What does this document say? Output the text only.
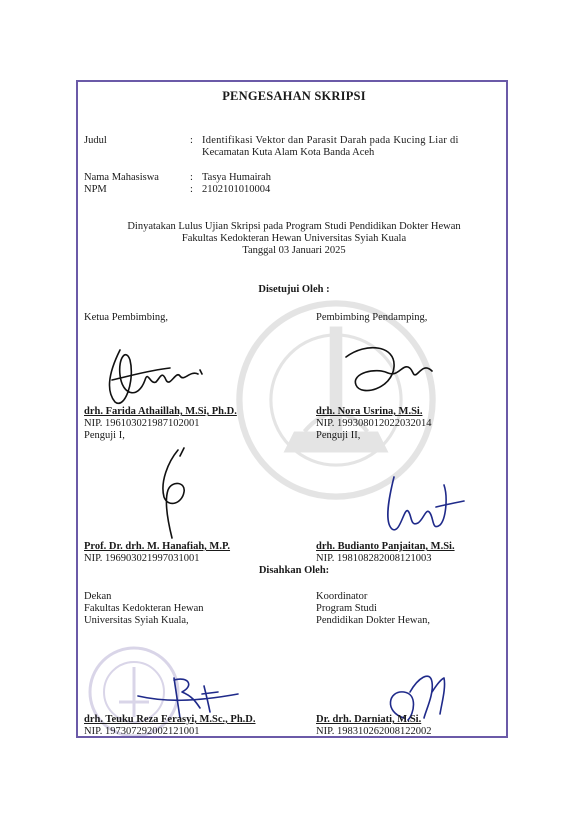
PENGESAHAN SKRIPSI
Judul	: Identifikasi Vektor dan Parasit Darah pada Kucing Liar di
Kecamatan Kuta Alam Kota Banda Aceh
Nama Mahasiswa	: Tasya Humairah
NPM	: 2102101010004
Dinyatakan Lulus Ujian Skripsi pada Program Studi Pendidikan Dokter Hewan
Fakultas Kedokteran Hewan Universitas Syiah Kuala
Tanggal 03 Januari 2025
Disetujui Oleh :
Ketua Pembimbing,	Pembimbing Pendamping,
drh. Farida Athaillah, M.Si, Ph.D.
NIP. 196103021987102001
drh. Nora Usrina, M.Si.
NIP. 199308012022032014
Penguji I,	Penguji II,
Prof. Dr. drh. M. Hanafiah, M.P.
NIP. 196903021997031001
drh. Budianto Panjaitan, M.Si.
NIP. 198108282008121003
Disahkan Oleh:
Dekan
Fakultas Kedokteran Hewan
Universitas Syiah Kuala,
Koordinator
Program Studi
Pendidikan Dokter Hewan,
drh. Teuku Reza Ferasyi, M.Sc., Ph.D.
NIP. 197307292002121001
Dr. drh. Darniati, M.Si.
NIP. 198310262008122002
